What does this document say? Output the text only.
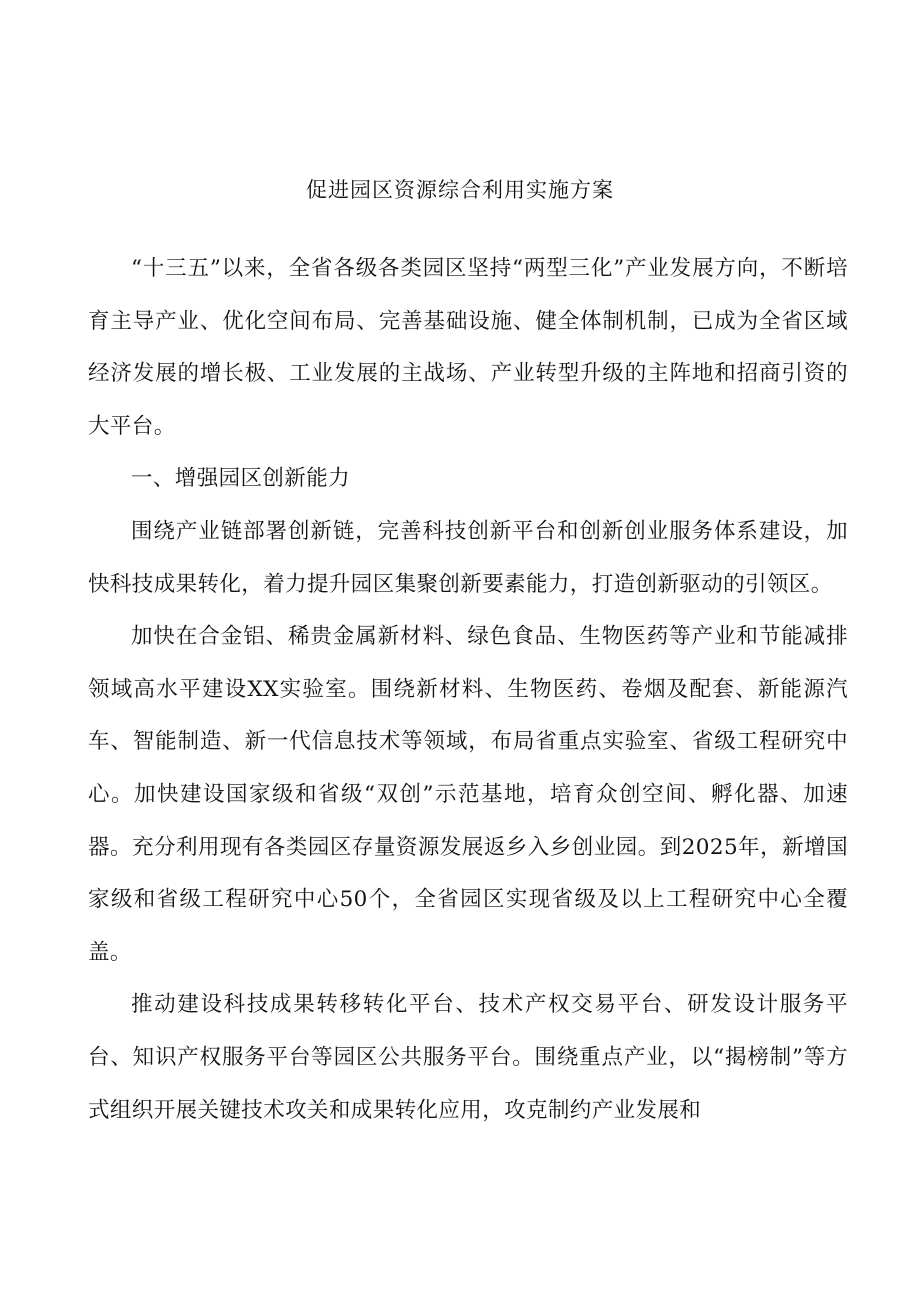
促进园区资源综合利用实施方案

“十三五”以来，全省各级各类园区坚持“两型三化”产业发展方向，不断培育主导产业、优化空间布局、完善基础设施、健全体制机制，已成为全省区域经济发展的增长极、工业发展的主战场、产业转型升级的主阵地和招商引资的大平台。

一、增强园区创新能力

围绕产业链部署创新链，完善科技创新平台和创新创业服务体系建设，加快科技成果转化，着力提升园区集聚创新要素能力，打造创新驱动的引领区。

加快在合金铝、稀贵金属新材料、绿色食品、生物医药等产业和节能减排领域高水平建设XX实验室。围绕新材料、生物医药、卷烟及配套、新能源汽车、智能制造、新一代信息技术等领域，布局省重点实验室、省级工程研究中心。加快建设国家级和省级“双创”示范基地，培育众创空间、孵化器、加速器。充分利用现有各类园区存量资源发展返乡入乡创业园。到2025年，新增国家级和省级工程研究中心50个，全省园区实现省级及以上工程研究中心全覆盖。

推动建设科技成果转移转化平台、技术产权交易平台、研发设计服务平台、知识产权服务平台等园区公共服务平台。围绕重点产业，以“揭榜制”等方式组织开展关键技术攻关和成果转化应用，攻克制约产业发展和
